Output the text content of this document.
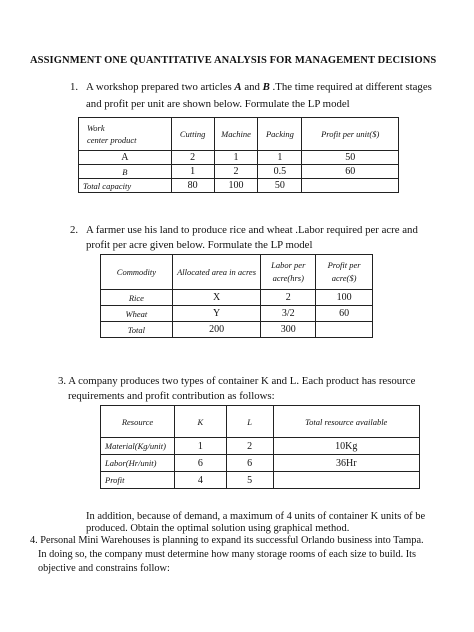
ASSIGNMENT ONE QUANTITATIVE ANALYSIS FOR MANAGEMENT DECISIONS
1. A workshop prepared two articles A and B .The time required at different stages
and profit per unit are shown below. Formulate the LP model
Work
center product	Cutting	Machine	Packing	Profit per unit($)
A	2	1	1	50
B	1	2	0.5	60
Total capacity	80	100	50	
2. A farmer use his land to produce rice and wheat .Labor required per acre and
profit per acre given below. Formulate the LP model
Commodity	Allocated area in acres	Labor per
acre(hrs)	Profit per
acre($)
Rice	X	2	100
Wheat	Y	3/2	60
Total	200	300	
3. A company produces two types of container K and L. Each product has resource
requirements and profit contribution as follows:
Resource	K	L	Total resource available
Material(Kg/unit)	1	2	10Kg
Labor(Hr/unit)	6	6	36Hr
Profit	4	5	
In addition, because of demand, a maximum of 4 units of container K units of be
produced. Obtain the optimal solution using graphical method.
4. Personal Mini Warehouses is planning to expand its successful Orlando business into Tampa.
In doing so, the company must determine how many storage rooms of each size to build. Its
objective and constrains follow:
